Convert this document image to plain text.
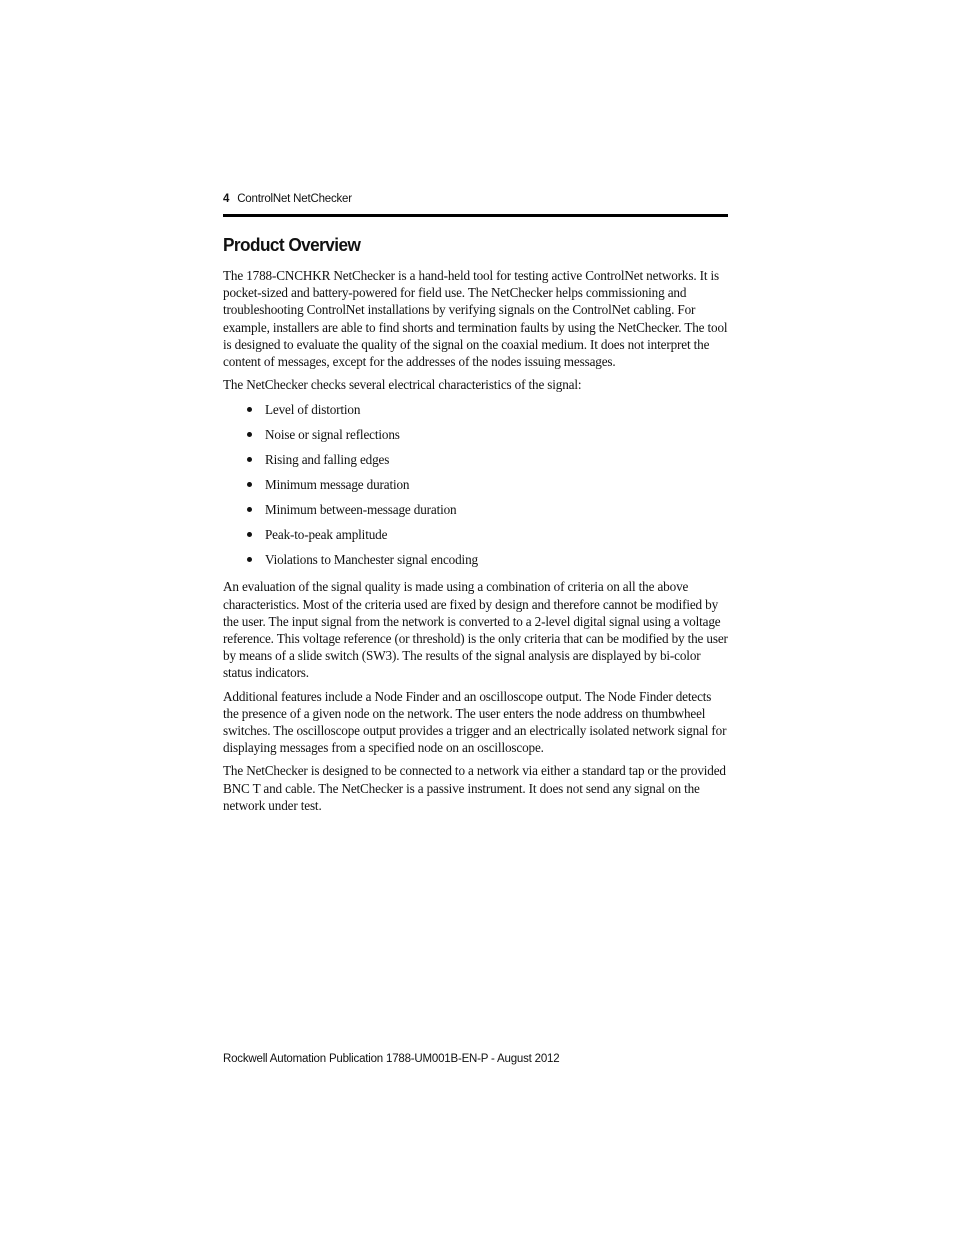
4 ControlNet NetChecker
Product Overview

The 1788-CNCHKR NetChecker is a hand-held tool for testing active ControlNet networks. It is pocket-sized and battery-powered for field use. The NetChecker helps commissioning and troubleshooting ControlNet installations by verifying signals on the ControlNet cabling. For example, installers are able to find shorts and termination faults by using the NetChecker. The tool is designed to evaluate the quality of the signal on the coaxial medium. It does not interpret the content of messages, except for the addresses of the nodes issuing messages.

The NetChecker checks several electrical characteristics of the signal:

Level of distortion
Noise or signal reflections
Rising and falling edges
Minimum message duration
Minimum between-message duration
Peak-to-peak amplitude
Violations to Manchester signal encoding

An evaluation of the signal quality is made using a combination of criteria on all the above characteristics. Most of the criteria used are fixed by design and therefore cannot be modified by the user. The input signal from the network is converted to a 2-level digital signal using a voltage reference. This voltage reference (or threshold) is the only criteria that can be modified by the user by means of a slide switch (SW3). The results of the signal analysis are displayed by bi-color status indicators.

Additional features include a Node Finder and an oscilloscope output. The Node Finder detects the presence of a given node on the network. The user enters the node address on thumbwheel switches. The oscilloscope output provides a trigger and an electrically isolated network signal for displaying messages from a specified node on an oscilloscope.

The NetChecker is designed to be connected to a network via either a standard tap or the provided BNC T and cable. The NetChecker is a passive instrument. It does not send any signal on the network under test.

Rockwell Automation Publication 1788-UM001B-EN-P - August 2012
